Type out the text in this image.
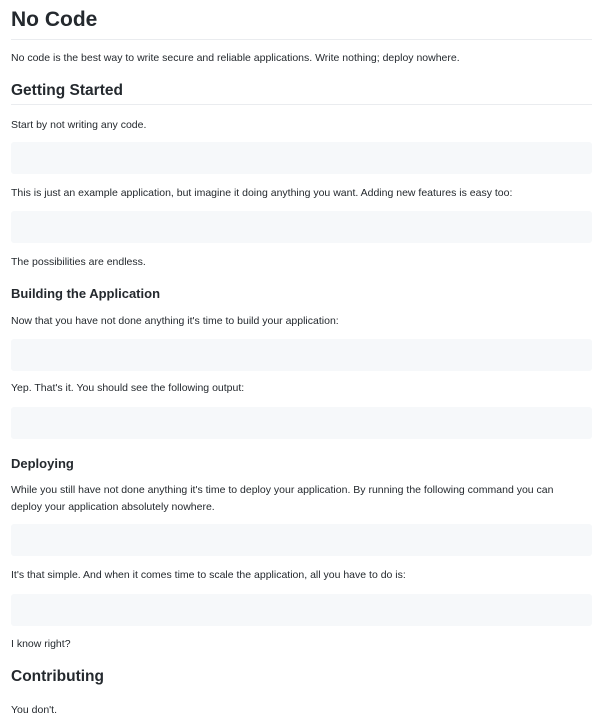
No Code

No code is the best way to write secure and reliable applications. Write nothing; deploy nowhere.

Getting Started

Start by not writing any code.

This is just an example application, but imagine it doing anything you want. Adding new features is easy too:

The possibilities are endless.

Building the Application

Now that you have not done anything it's time to build your application:

Yep. That's it. You should see the following output:

Deploying

While you still have not done anything it's time to deploy your application. By running the following command you can deploy your application absolutely nowhere.

It's that simple. And when it comes time to scale the application, all you have to do is:

I know right?

Contributing

You don't.
